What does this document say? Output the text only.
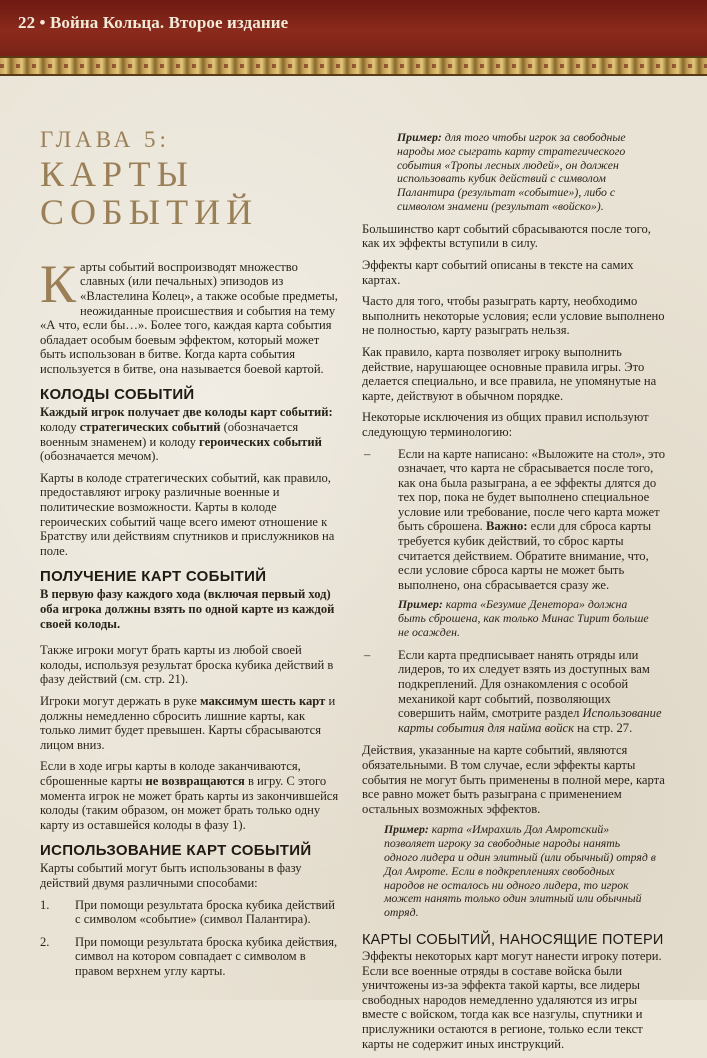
22 • Война Кольца. Второе издание
ГЛАВА 5:
КАРТЫ
СОБЫТИЙ

Карты событий воспроизводят множество славных (или печальных) эпизодов из «Властелина Колец», а также особые предметы, неожиданные происшествия и события на тему «А что, если бы…». Более того, каждая карта события обладает особым боевым эффектом, который может быть использован в битве. Когда карта события используется в битве, она называется боевой картой.

КОЛОДЫ СОБЫТИЙ

Каждый игрок получает две колоды карт событий: колоду стратегических событий (обозначается военным знаменем) и колоду героических событий (обозначается мечом).

Карты в колоде стратегических событий, как правило, предоставляют игроку различные военные и политические возможности. Карты в колоде героических событий чаще всего имеют отношение к Братству или действиям спутников и прислужников на поле.

ПОЛУЧЕНИЕ КАРТ СОБЫТИЙ

В первую фазу каждого хода (включая первый ход) оба игрока должны взять по одной карте из каждой своей колоды.

Также игроки могут брать карты из любой своей колоды, используя результат броска кубика действий в фазу действий (см. стр. 21).

Игроки могут держать в руке максимум шесть карт и должны немедленно сбросить лишние карты, как только лимит будет превышен. Карты сбрасываются лицом вниз.

Если в ходе игры карты в колоде заканчиваются, сброшенные карты не возвращаются в игру. С этого момента игрок не может брать карты из закончившейся колоды (таким образом, он может брать только одну карту из оставшейся колоды в фазу 1).

ИСПОЛЬЗОВАНИЕ КАРТ СОБЫТИЙ

Карты событий могут быть использованы в фазу действий двумя различными способами:

1. При помощи результата броска кубика действий с символом «событие» (символ Палантира).
2. При помощи результата броска кубика действия, символ на котором совпадает с символом в правом верхнем углу карты.

Пример: для того чтобы игрок за свободные народы мог сыграть карту стратегического события «Тропы лесных людей», он должен использовать кубик действий с символом Палантира (результат «событие»), либо с символом знамени (результат «войско»).

Большинство карт событий сбрасываются после того, как их эффекты вступили в силу.

Эффекты карт событий описаны в тексте на самих картах.

Часто для того, чтобы разыграть карту, необходимо выполнить некоторые условия; если условие выполнено не полностью, карту разыграть нельзя.

Как правило, карта позволяет игроку выполнить действие, нарушающее основные правила игры. Это делается специально, и все правила, не упомянутые на карте, действуют в обычном порядке.

Некоторые исключения из общих правил используют следующую терминологию:

– Если на карте написано: «Выложите на стол», это означает, что карта не сбрасывается после того, как она была разыграна, а ее эффекты длятся до тех пор, пока не будет выполнено специальное условие или требование, после чего карта может быть сброшена. Важно: если для сброса карты требуется кубик действий, то сброс карты считается действием. Обратите внимание, что, если условие сброса карты не может быть выполнено, она сбрасывается сразу же.

Пример: карта «Безумие Денетора» должна быть сброшена, как только Минас Тирит больше не осажден.

– Если карта предписывает нанять отряды или лидеров, то их следует взять из доступных вам подкреплений. Для ознакомления с особой механикой карт событий, позволяющих совершить найм, смотрите раздел Использование карты события для найма войск на стр. 27.

Действия, указанные на карте событий, являются обязательными. В том случае, если эффекты карты события не могут быть применены в полной мере, карта все равно может быть разыграна с применением остальных возможных эффектов.

Пример: карта «Имрахиль Дол Амротский» позволяет игроку за свободные народы нанять одного лидера и один элитный (или обычный) отряд в Дол Амроте. Если в подкреплениях свободных народов не осталось ни одного лидера, то игрок может нанять только один элитный или обычный отряд.

КАРТЫ СОБЫТИЙ, НАНОСЯЩИЕ ПОТЕРИ

Эффекты некоторых карт могут нанести игроку потери. Если все военные отряды в составе войска были уничтожены из-за эффекта такой карты, все лидеры свободных народов немедленно удаляются из игры вместе с войском, тогда как все назгулы, спутники и прислужники остаются в регионе, только если текст карты не содержит иных инструкций.
